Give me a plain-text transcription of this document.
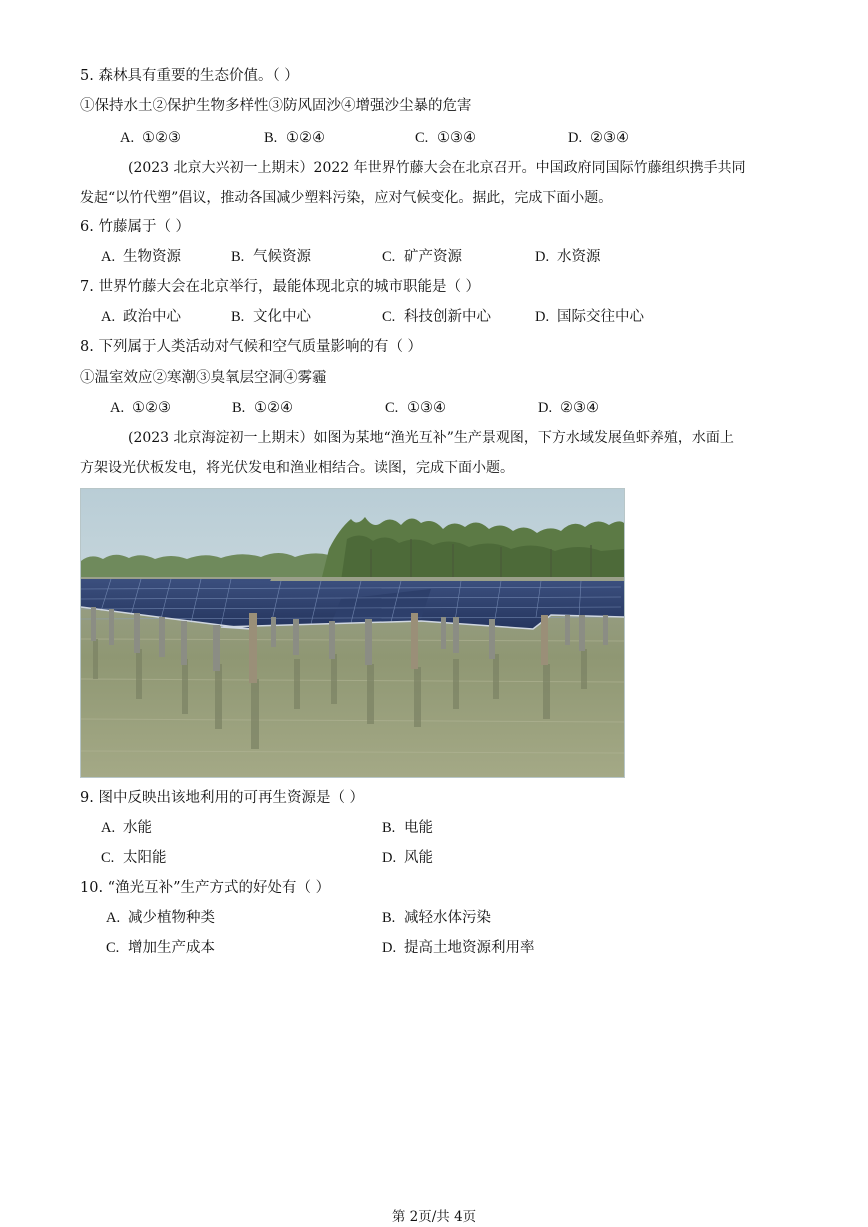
5. 森林具有重要的生态价值。（ ）
①保持水土②保护生物多样性③防风固沙④增强沙尘暴的危害
A. ①②③	B. ①②④	C. ①③④	D. ②③④
(2023 北京大兴初一上期末）2022 年世界竹藤大会在北京召开。中国政府同国际竹藤组织携手共同
发起“以竹代塑”倡议，推动各国减少塑料污染，应对气候变化。据此，完成下面小题。
6. 竹藤属于（ ）
A. 生物资源	B. 气候资源	C. 矿产资源	D. 水资源
7. 世界竹藤大会在北京举行，最能体现北京的城市职能是（ ）
A. 政治中心	B. 文化中心	C. 科技创新中心	D. 国际交往中心
8. 下列属于人类活动对气候和空气质量影响的有（ ）
①温室效应②寒潮③臭氧层空洞④雾霾
A. ①②③	B. ①②④	C. ①③④	D. ②③④
(2023 北京海淀初一上期末）如图为某地“渔光互补”生产景观图，下方水域发展鱼虾养殖，水面上
方架设光伏板发电，将光伏发电和渔业相结合。读图，完成下面小题。
9. 图中反映出该地利用的可再生资源是（ ）
A. 水能	B. 电能
C. 太阳能	D. 风能
10. “渔光互补”生产方式的好处有（ ）
A. 减少植物种类	B. 减轻水体污染
C. 增加生产成本	D. 提高土地资源利用率
第 2页/共 4页
